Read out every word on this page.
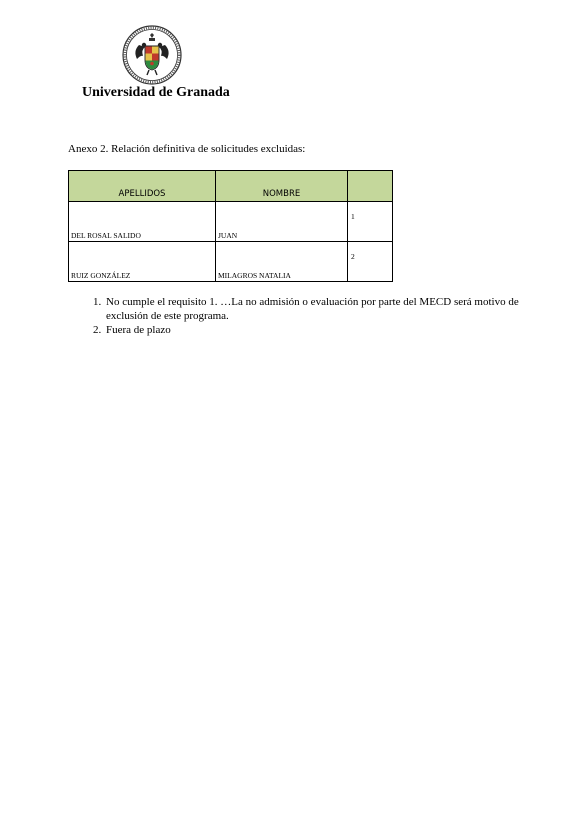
Universidad de Granada
Anexo 2. Relación definitiva de solicitudes excluidas:
APELLIDOS	NOMBRE	
DEL ROSAL SALIDO	JUAN	1
RUIZ GONZÁLEZ	MILAGROS NATALIA	2
1. No cumple el requisito 1. …La no admisión o evaluación por parte del MECD será motivo de exclusión de este programa.
2. Fuera de plazo
